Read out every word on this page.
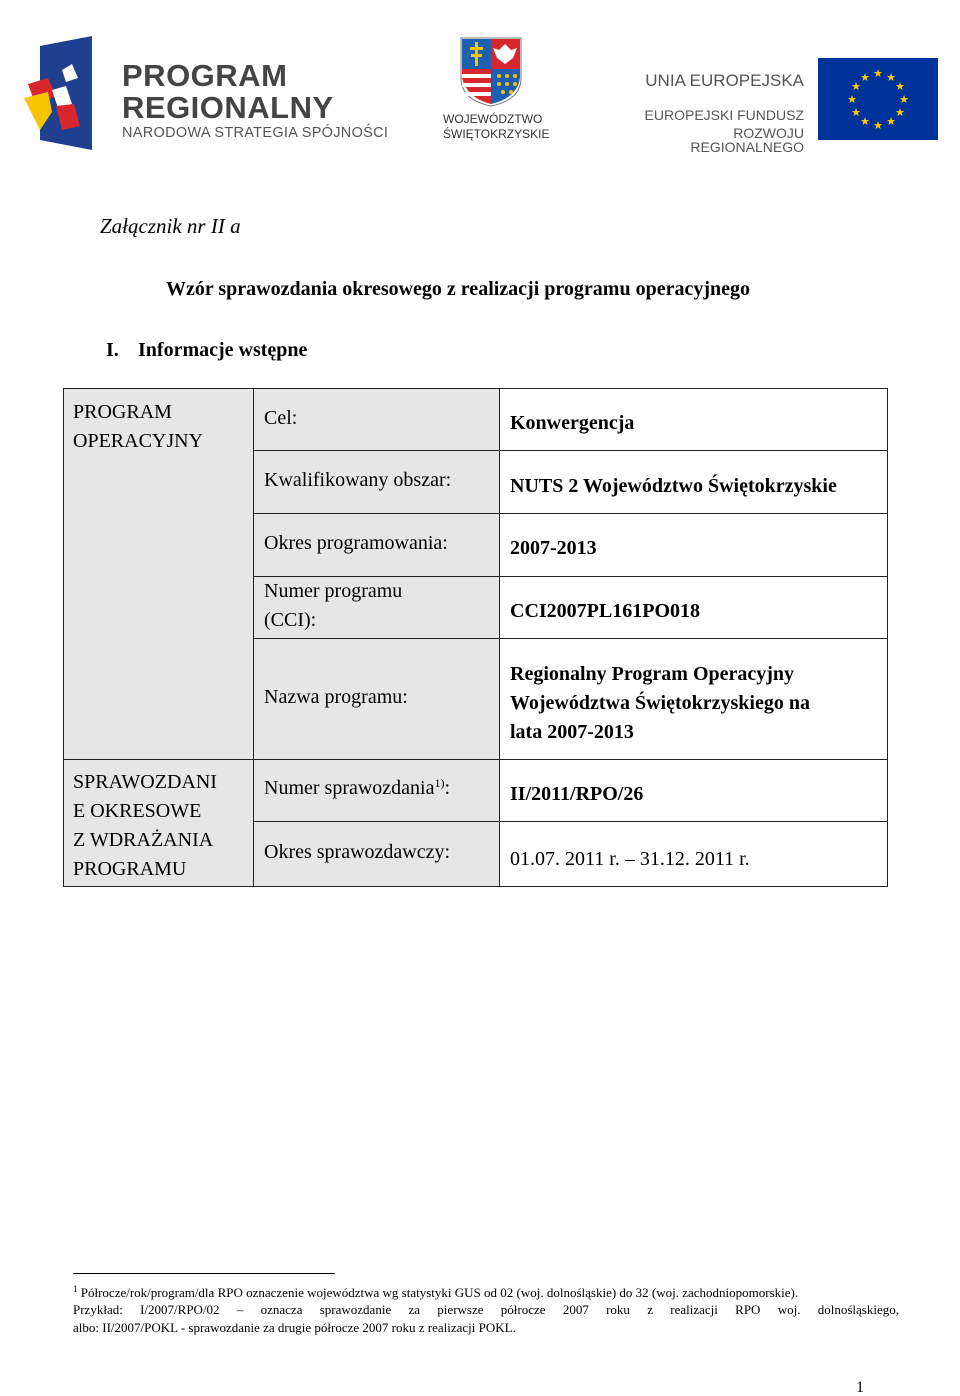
PROGRAM
REGIONALNY
NARODOWA STRATEGIA SPÓJNOŚCI
WOJEWÓDZTWO
ŚWIĘTOKRZYSKIE
UNIA EUROPEJSKA
EUROPEJSKI FUNDUSZ
ROZWOJU REGIONALNEGO
★ ★
★
★
★
★
★
★
★
★
★
★
Załącznik nr II a
Wzór sprawozdania okresowego z realizacji programu operacyjnego
I. Informacje wstępne
PROGRAM
OPERACYJNY
SPRAWOZDANI
E OKRESOWE
Z WDRAŻANIA
PROGRAMU
Cel:
Kwalifikowany obszar:
Okres programowania:
Numer programu
(CCI):
Nazwa programu:
Numer sprawozdania$^{1)}$:
Okres sprawozdawczy:
Konwergencja
NUTS 2 Województwo Świętokrzyskie
2007-2013
CCI2007PL161PO018
Regionalny Program Operacyjny
Województwa Świętokrzyskiego na
lata 2007-2013
II/2011/RPO/26
01.07. 2011 r. – 31.12. 2011 r.
$^1$ Półrocze/rok/program/dla RPO oznaczenie województwa wg statystyki GUS od 02 (woj. dolnośląskie) do 32 (woj. zachodniopomorskie).
Przykład: I/2007/RPO/02 – oznacza sprawozdanie za pierwsze półrocze 2007 roku z realizacji RPO woj. dolnośląskiego,
albo: II/2007/POKL - sprawozdanie za drugie półrocze 2007 roku z realizacji POKL.
1
